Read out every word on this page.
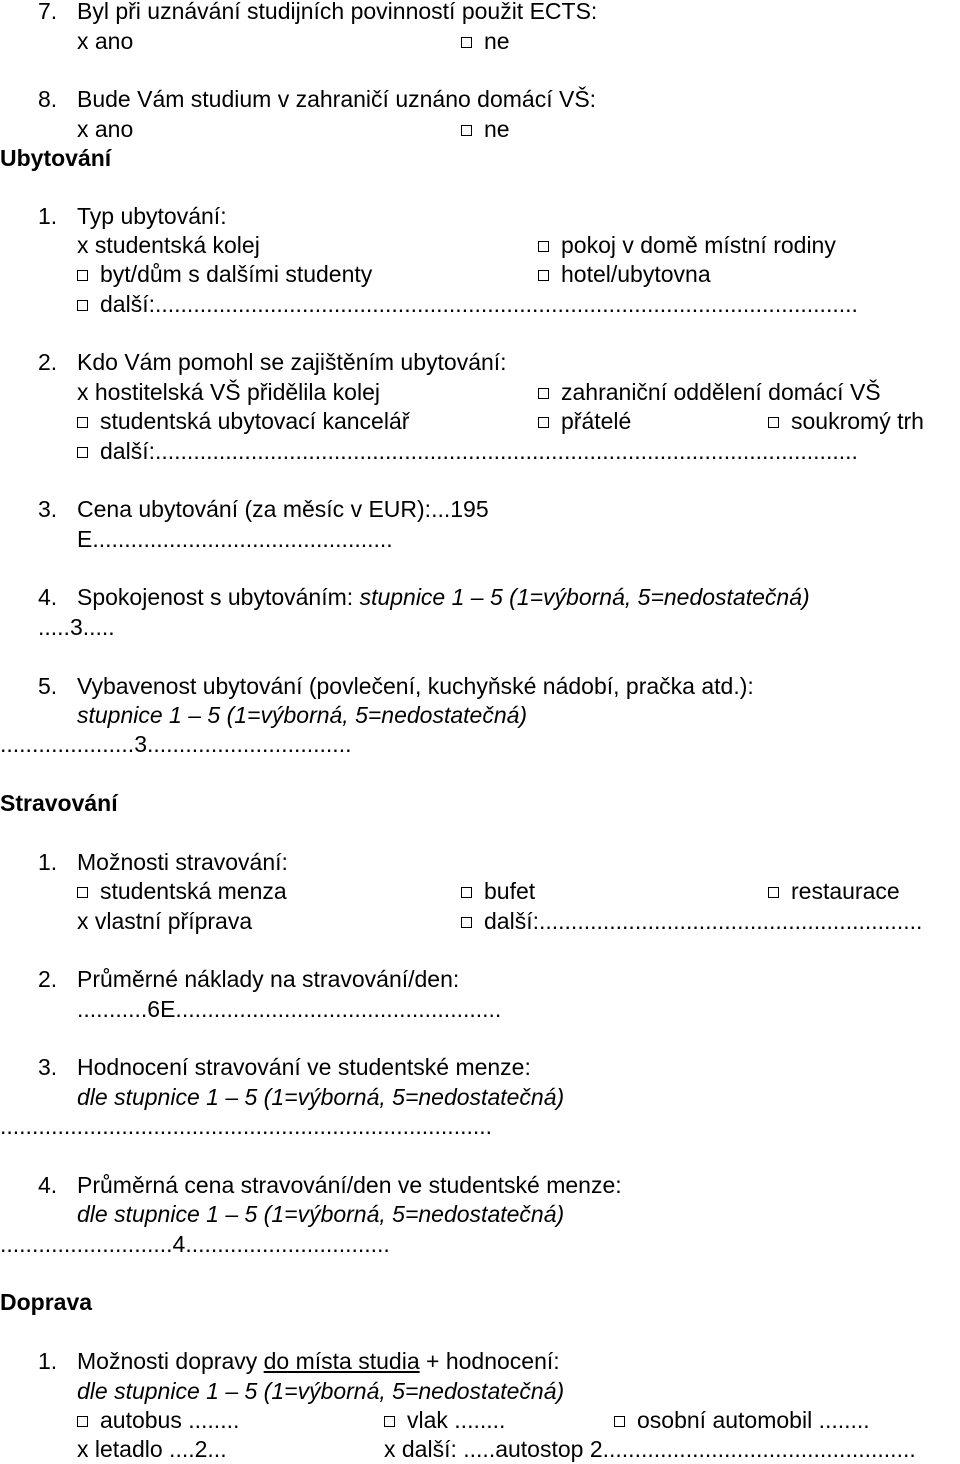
7. Byl při uznávání studijních povinností použit ECTS:
x ano	ne
8. Bude Vám studium v zahraničí uznáno domácí VŠ:
x ano	ne
Ubytování
1. Typ ubytování:
x studentská kolej	pokoj v domě místní rodiny
byt/dům s dalšími studenty	hotel/ubytovna
další:..............................................................................................................
2. Kdo Vám pomohl se zajištěním ubytování:
x hostitelská VŠ přidělila kolej	zahraniční oddělení domácí VŠ
studentská ubytovací kancelář	přátelé	soukromý trh
další:..............................................................................................................
3. Cena ubytování (za měsíc v EUR):...195
E...............................................
4. Spokojenost s ubytováním: stupnice 1 – 5 (1=výborná, 5=nedostatečná)
.....3.....
5. Vybavenost ubytování (povlečení, kuchyňské nádobí, pračka atd.):
stupnice 1 – 5 (1=výborná, 5=nedostatečná)
.....................3................................
Stravování
1. Možnosti stravování:
studentská menza	bufet	restaurace
x vlastní příprava	další:............................................................
2. Průměrné náklady na stravování/den:
...........6E...................................................
3. Hodnocení stravování ve studentské menze:
dle stupnice 1 – 5 (1=výborná, 5=nedostatečná)
.............................................................................
4. Průměrná cena stravování/den ve studentské menze:
dle stupnice 1 – 5 (1=výborná, 5=nedostatečná)
...........................4................................
Doprava
1. Možnosti dopravy do místa studia + hodnocení:
dle stupnice 1 – 5 (1=výborná, 5=nedostatečná)
autobus ........	vlak ........	osobní automobil ........
x letadlo ....2...	x další: .....autostop 2.................................................
